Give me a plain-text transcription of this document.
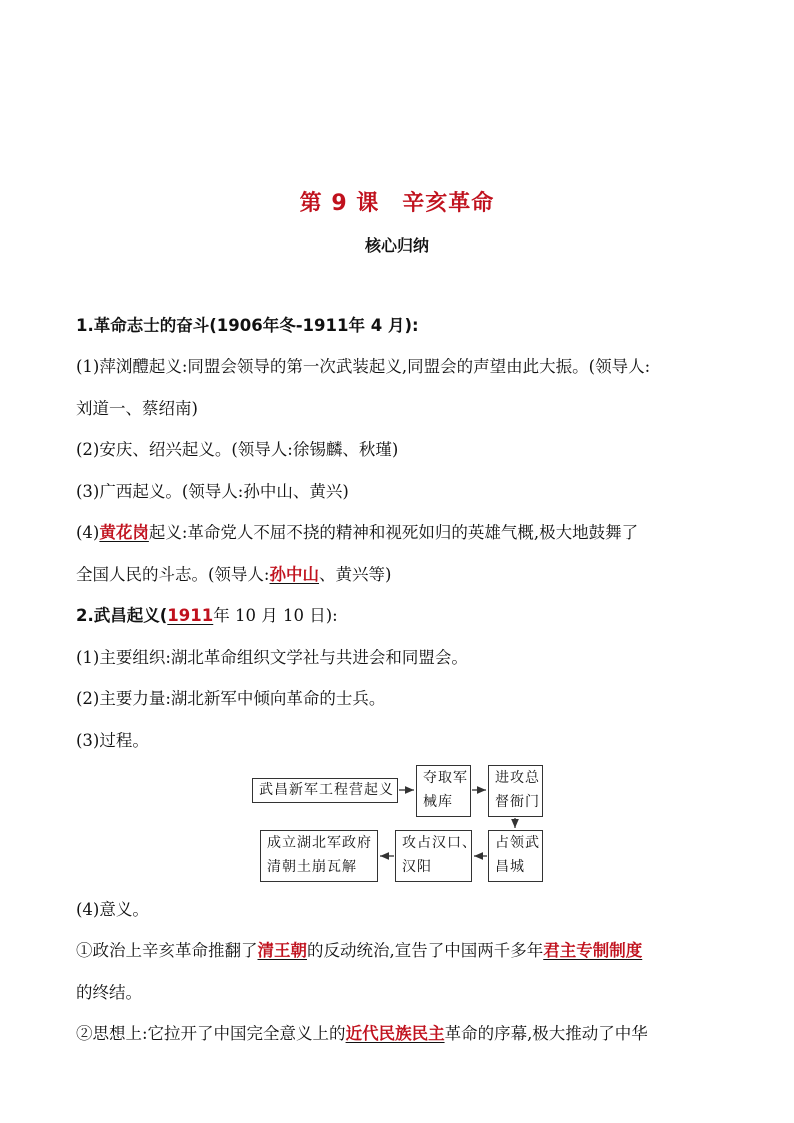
第 9 课　辛亥革命
核心归纳
1.革命志士的奋斗(1906年冬-1911年 4 月):
(1)萍浏醴起义:同盟会领导的第一次武装起义,同盟会的声望由此大振。(领导人:
刘道一、蔡绍南)
(2)安庆、绍兴起义。(领导人:徐锡麟、秋瑾)
(3)广西起义。(领导人:孙中山、黄兴)
(4)黄花岗起义:革命党人不屈不挠的精神和视死如归的英雄气概,极大地鼓舞了
全国人民的斗志。(领导人:孙中山、黄兴等)
2.武昌起义(1911年 10 月 10 日):
(1)主要组织:湖北革命组织文学社与共进会和同盟会。
(2)主要力量:湖北新军中倾向革命的士兵。
(3)过程。
武昌新军工程营起义
夺取军
械库
进攻总
督衙门
占领武
昌城
攻占汉口、
汉阳
成立湖北军政府
清朝土崩瓦解
(4)意义。
①政治上辛亥革命推翻了清王朝的反动统治,宣告了中国两千多年君主专制制度
的终结。
②思想上:它拉开了中国完全意义上的近代民族民主革命的序幕,极大推动了中华
